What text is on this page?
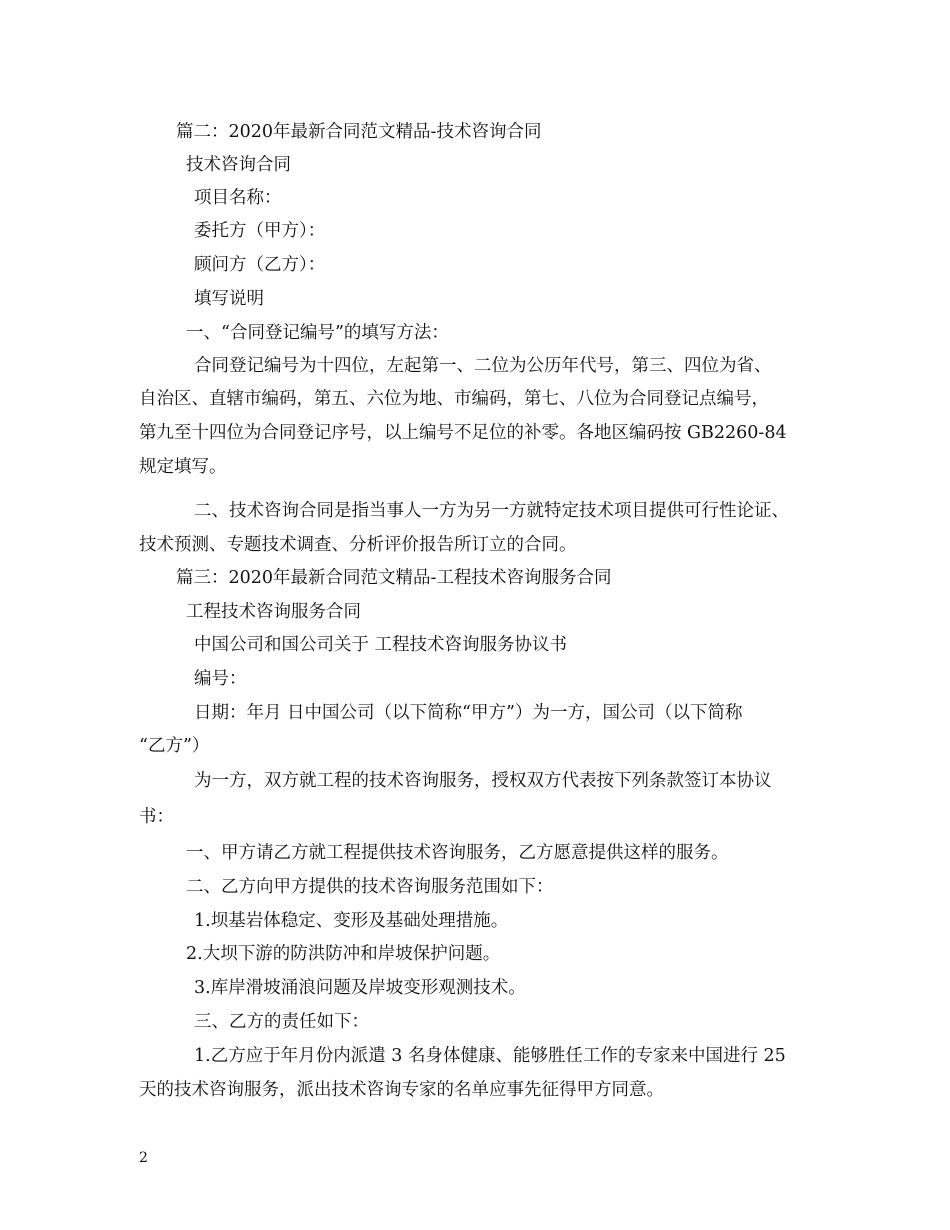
篇二：2020年最新合同范文精品-技术咨询合同
技术咨询合同
项目名称：
委托方（甲方）：
顾问方（乙方）：
填写说明
一、“合同登记编号”的填写方法：
合同登记编号为十四位，左起第一、二位为公历年代号，第三、四位为省、
自治区、直辖市编码，第五、六位为地、市编码，第七、八位为合同登记点编号，
第九至十四位为合同登记序号，以上编号不足位的补零。各地区编码按 GB2260-84
规定填写。
二、技术咨询合同是指当事人一方为另一方就特定技术项目提供可行性论证、
技术预测、专题技术调查、分析评价报告所订立的合同。
篇三：2020年最新合同范文精品-工程技术咨询服务合同
工程技术咨询服务合同
中国公司和国公司关于 工程技术咨询服务协议书
编号：
日期：年月 日中国公司（以下简称“甲方”）为一方，国公司（以下简称
“乙方”）
为一方，双方就工程的技术咨询服务，授权双方代表按下列条款签订本协议
书：
一、甲方请乙方就工程提供技术咨询服务，乙方愿意提供这样的服务。
二、乙方向甲方提供的技术咨询服务范围如下：
1.坝基岩体稳定、变形及基础处理措施。
2.大坝下游的防洪防冲和岸坡保护问题。
3.库岸滑坡涌浪问题及岸坡变形观测技术。
三、乙方的责任如下：
1.乙方应于年月份内派遣 3 名身体健康、能够胜任工作的专家来中国进行 25
天的技术咨询服务，派出技术咨询专家的名单应事先征得甲方同意。
2
